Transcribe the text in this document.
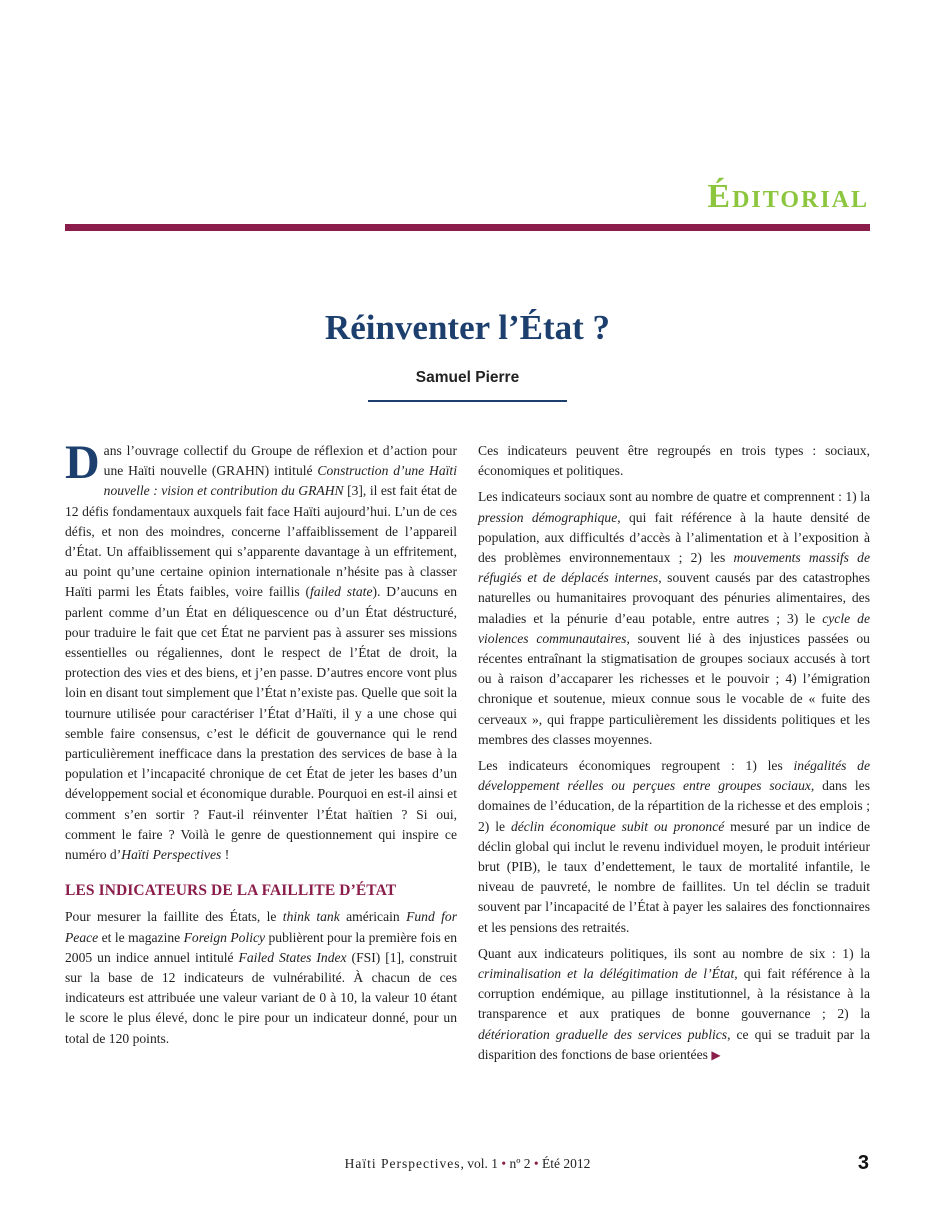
Éditorial
Réinventer l’État ?
Samuel Pierre

Dans l’ouvrage collectif du Groupe de réflexion et d’action pour une Haïti nouvelle (GRAHN) intitulé Construction d’une Haïti nouvelle : vision et contribution du GRAHN [3], il est fait état de 12 défis fondamentaux auxquels fait face Haïti aujourd’hui. L’un de ces défis, et non des moindres, concerne l’affaiblissement de l’appareil d’État. Un affaiblissement qui s’apparente davantage à un effritement, au point qu’une certaine opinion internationale n’hésite pas à classer Haïti parmi les États faibles, voire faillis (failed state). D’aucuns en parlent comme d’un État en déliquescence ou d’un État déstructuré, pour traduire le fait que cet État ne parvient pas à assurer ses missions essentielles ou régaliennes, dont le respect de l’État de droit, la protection des vies et des biens, et j’en passe. D’autres encore vont plus loin en disant tout simplement que l’État n’existe pas. Quelle que soit la tournure utilisée pour caractériser l’État d’Haïti, il y a une chose qui semble faire consensus, c’est le déficit de gouvernance qui le rend particulièrement inefficace dans la prestation des services de base à la population et l’incapacité chronique de cet État de jeter les bases d’un développement social et économique durable. Pourquoi en est-il ainsi et comment s’en sortir ? Faut-il réinventer l’État haïtien ? Si oui, comment le faire ? Voilà le genre de questionnement qui inspire ce numéro d’Haïti Perspectives !

LES INDICATEURS DE LA FAILLITE D’ÉTAT

Pour mesurer la faillite des États, le think tank américain Fund for Peace et le magazine Foreign Policy publièrent pour la première fois en 2005 un indice annuel intitulé Failed States Index (FSI) [1], construit sur la base de 12 indicateurs de vulnérabilité. À chacun de ces indicateurs est attribuée une valeur variant de 0 à 10, la valeur 10 étant le score le plus élevé, donc le pire pour un indicateur donné, pour un total de 120 points.

Ces indicateurs peuvent être regroupés en trois types : sociaux, économiques et politiques.

Les indicateurs sociaux sont au nombre de quatre et comprennent : 1) la pression démographique, qui fait référence à la haute densité de population, aux difficultés d’accès à l’alimentation et à l’exposition à des problèmes environnementaux ; 2) les mouvements massifs de réfugiés et de déplacés internes, souvent causés par des catastrophes naturelles ou humanitaires provoquant des pénuries alimentaires, des maladies et la pénurie d’eau potable, entre autres ; 3) le cycle de violences communautaires, souvent lié à des injustices passées ou récentes entraînant la stigmatisation de groupes sociaux accusés à tort ou à raison d’accaparer les richesses et le pouvoir ; 4) l’émigration chronique et soutenue, mieux connue sous le vocable de « fuite des cerveaux », qui frappe particulièrement les dissidents politiques et les membres des classes moyennes.

Les indicateurs économiques regroupent : 1) les inégalités de développement réelles ou perçues entre groupes sociaux, dans les domaines de l’éducation, de la répartition de la richesse et des emplois ; 2) le déclin économique subit ou prononcé mesuré par un indice de déclin global qui inclut le revenu individuel moyen, le produit intérieur brut (PIB), le taux d’endettement, le taux de mortalité infantile, le niveau de pauvreté, le nombre de faillites. Un tel déclin se traduit souvent par l’incapacité de l’État à payer les salaires des fonctionnaires et les pensions des retraités.

Quant aux indicateurs politiques, ils sont au nombre de six : 1) la criminalisation et la délégitimation de l’État, qui fait référence à la corruption endémique, au pillage institutionnel, à la résistance à la transparence et aux pratiques de bonne gouvernance ; 2) la détérioration graduelle des services publics, ce qui se traduit par la disparition des fonctions de base orientées ▶

Haïti Perspectives, vol. 1 • nº 2 • Été 2012	3
